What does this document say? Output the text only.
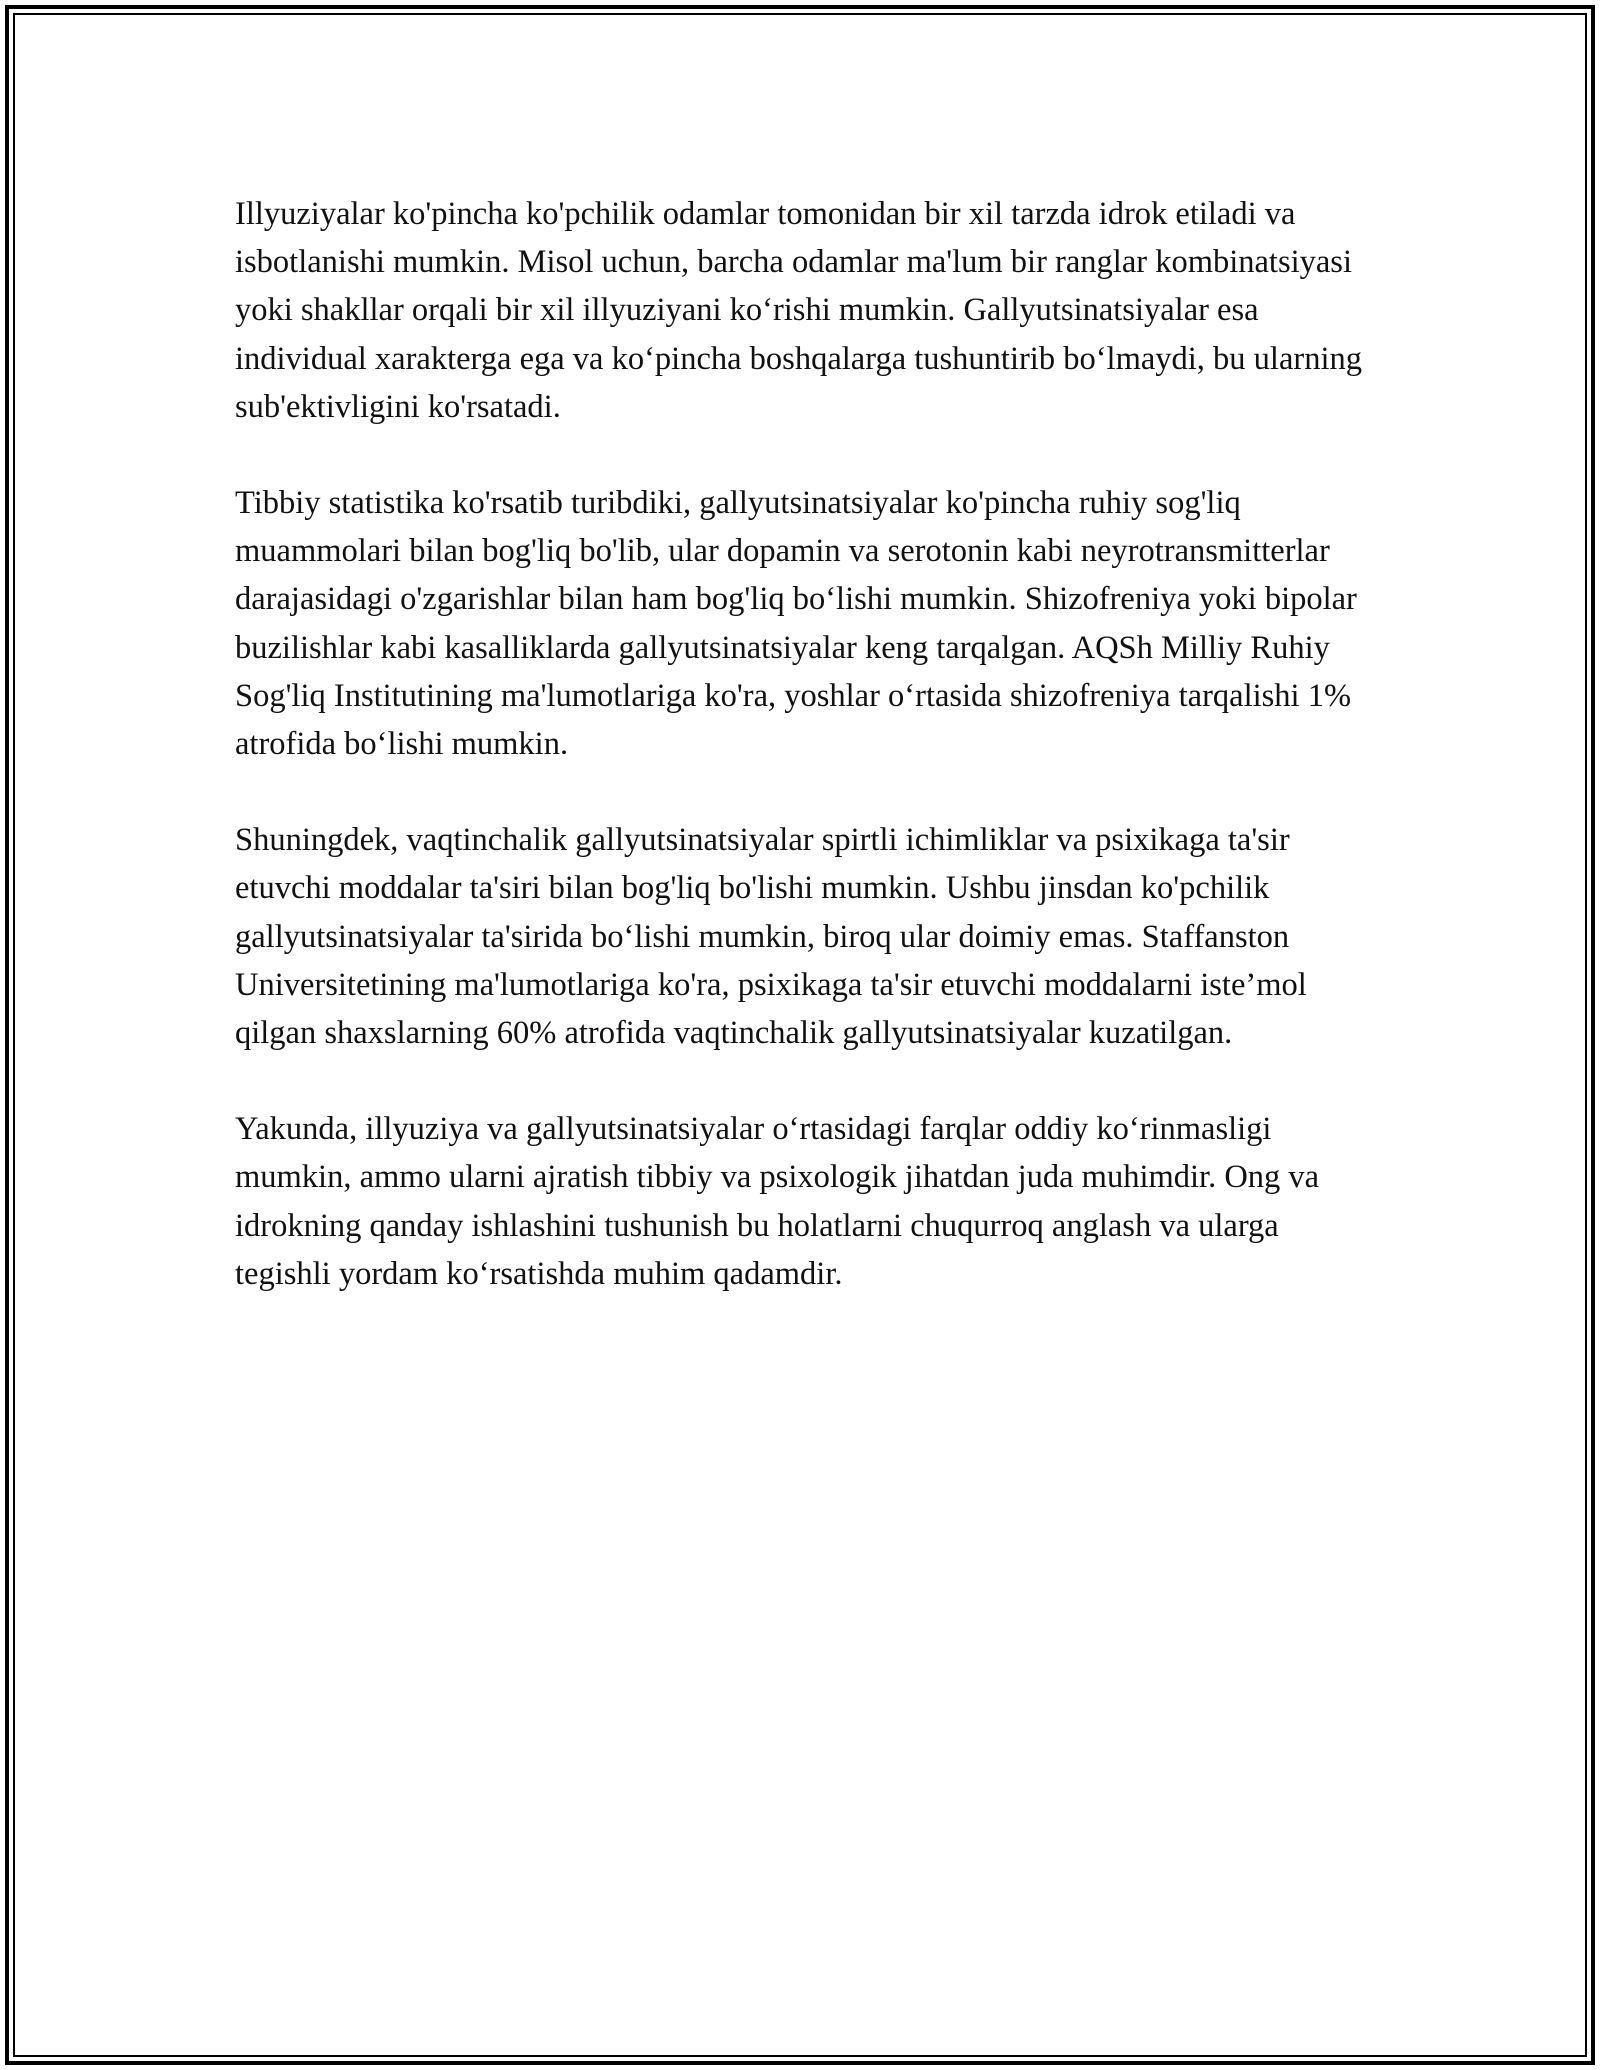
Illyuziyalar ko'pincha ko'pchilik odamlar tomonidan bir xil tarzda idrok etiladi va isbotlanishi mumkin. Misol uchun, barcha odamlar ma'lum bir ranglar kombinatsiyasi yoki shakllar orqali bir xil illyuziyani koʻrishi mumkin. Gallyutsinatsiyalar esa individual xarakterga ega va koʻpincha boshqalarga tushuntirib boʻlmaydi, bu ularning sub'ektivligini ko'rsatadi.

Tibbiy statistika ko'rsatib turibdiki, gallyutsinatsiyalar ko'pincha ruhiy sog'liq muammolari bilan bog'liq bo'lib, ular dopamin va serotonin kabi neyrotransmitterlar darajasidagi o'zgarishlar bilan ham bog'liq boʻlishi mumkin. Shizofreniya yoki bipolar buzilishlar kabi kasalliklarda gallyutsinatsiyalar keng tarqalgan. AQSh Milliy Ruhiy Sog'liq Institutining ma'lumotlariga ko'ra, yoshlar oʻrtasida shizofreniya tarqalishi 1% atrofida boʻlishi mumkin.

Shuningdek, vaqtinchalik gallyutsinatsiyalar spirtli ichimliklar va psixikaga ta'sir etuvchi moddalar ta'siri bilan bog'liq bo'lishi mumkin. Ushbu jinsdan ko'pchilik gallyutsinatsiyalar ta'sirida boʻlishi mumkin, biroq ular doimiy emas. Staffanston Universitetining ma'lumotlariga ko'ra, psixikaga ta'sir etuvchi moddalarni iste’mol qilgan shaxslarning 60% atrofida vaqtinchalik gallyutsinatsiyalar kuzatilgan.

Yakunda, illyuziya va gallyutsinatsiyalar oʻrtasidagi farqlar oddiy koʻrinmasligi mumkin, ammo ularni ajratish tibbiy va psixologik jihatdan juda muhimdir. Ong va idrokning qanday ishlashini tushunish bu holatlarni chuqurroq anglash va ularga tegishli yordam koʻrsatishda muhim qadamdir.
